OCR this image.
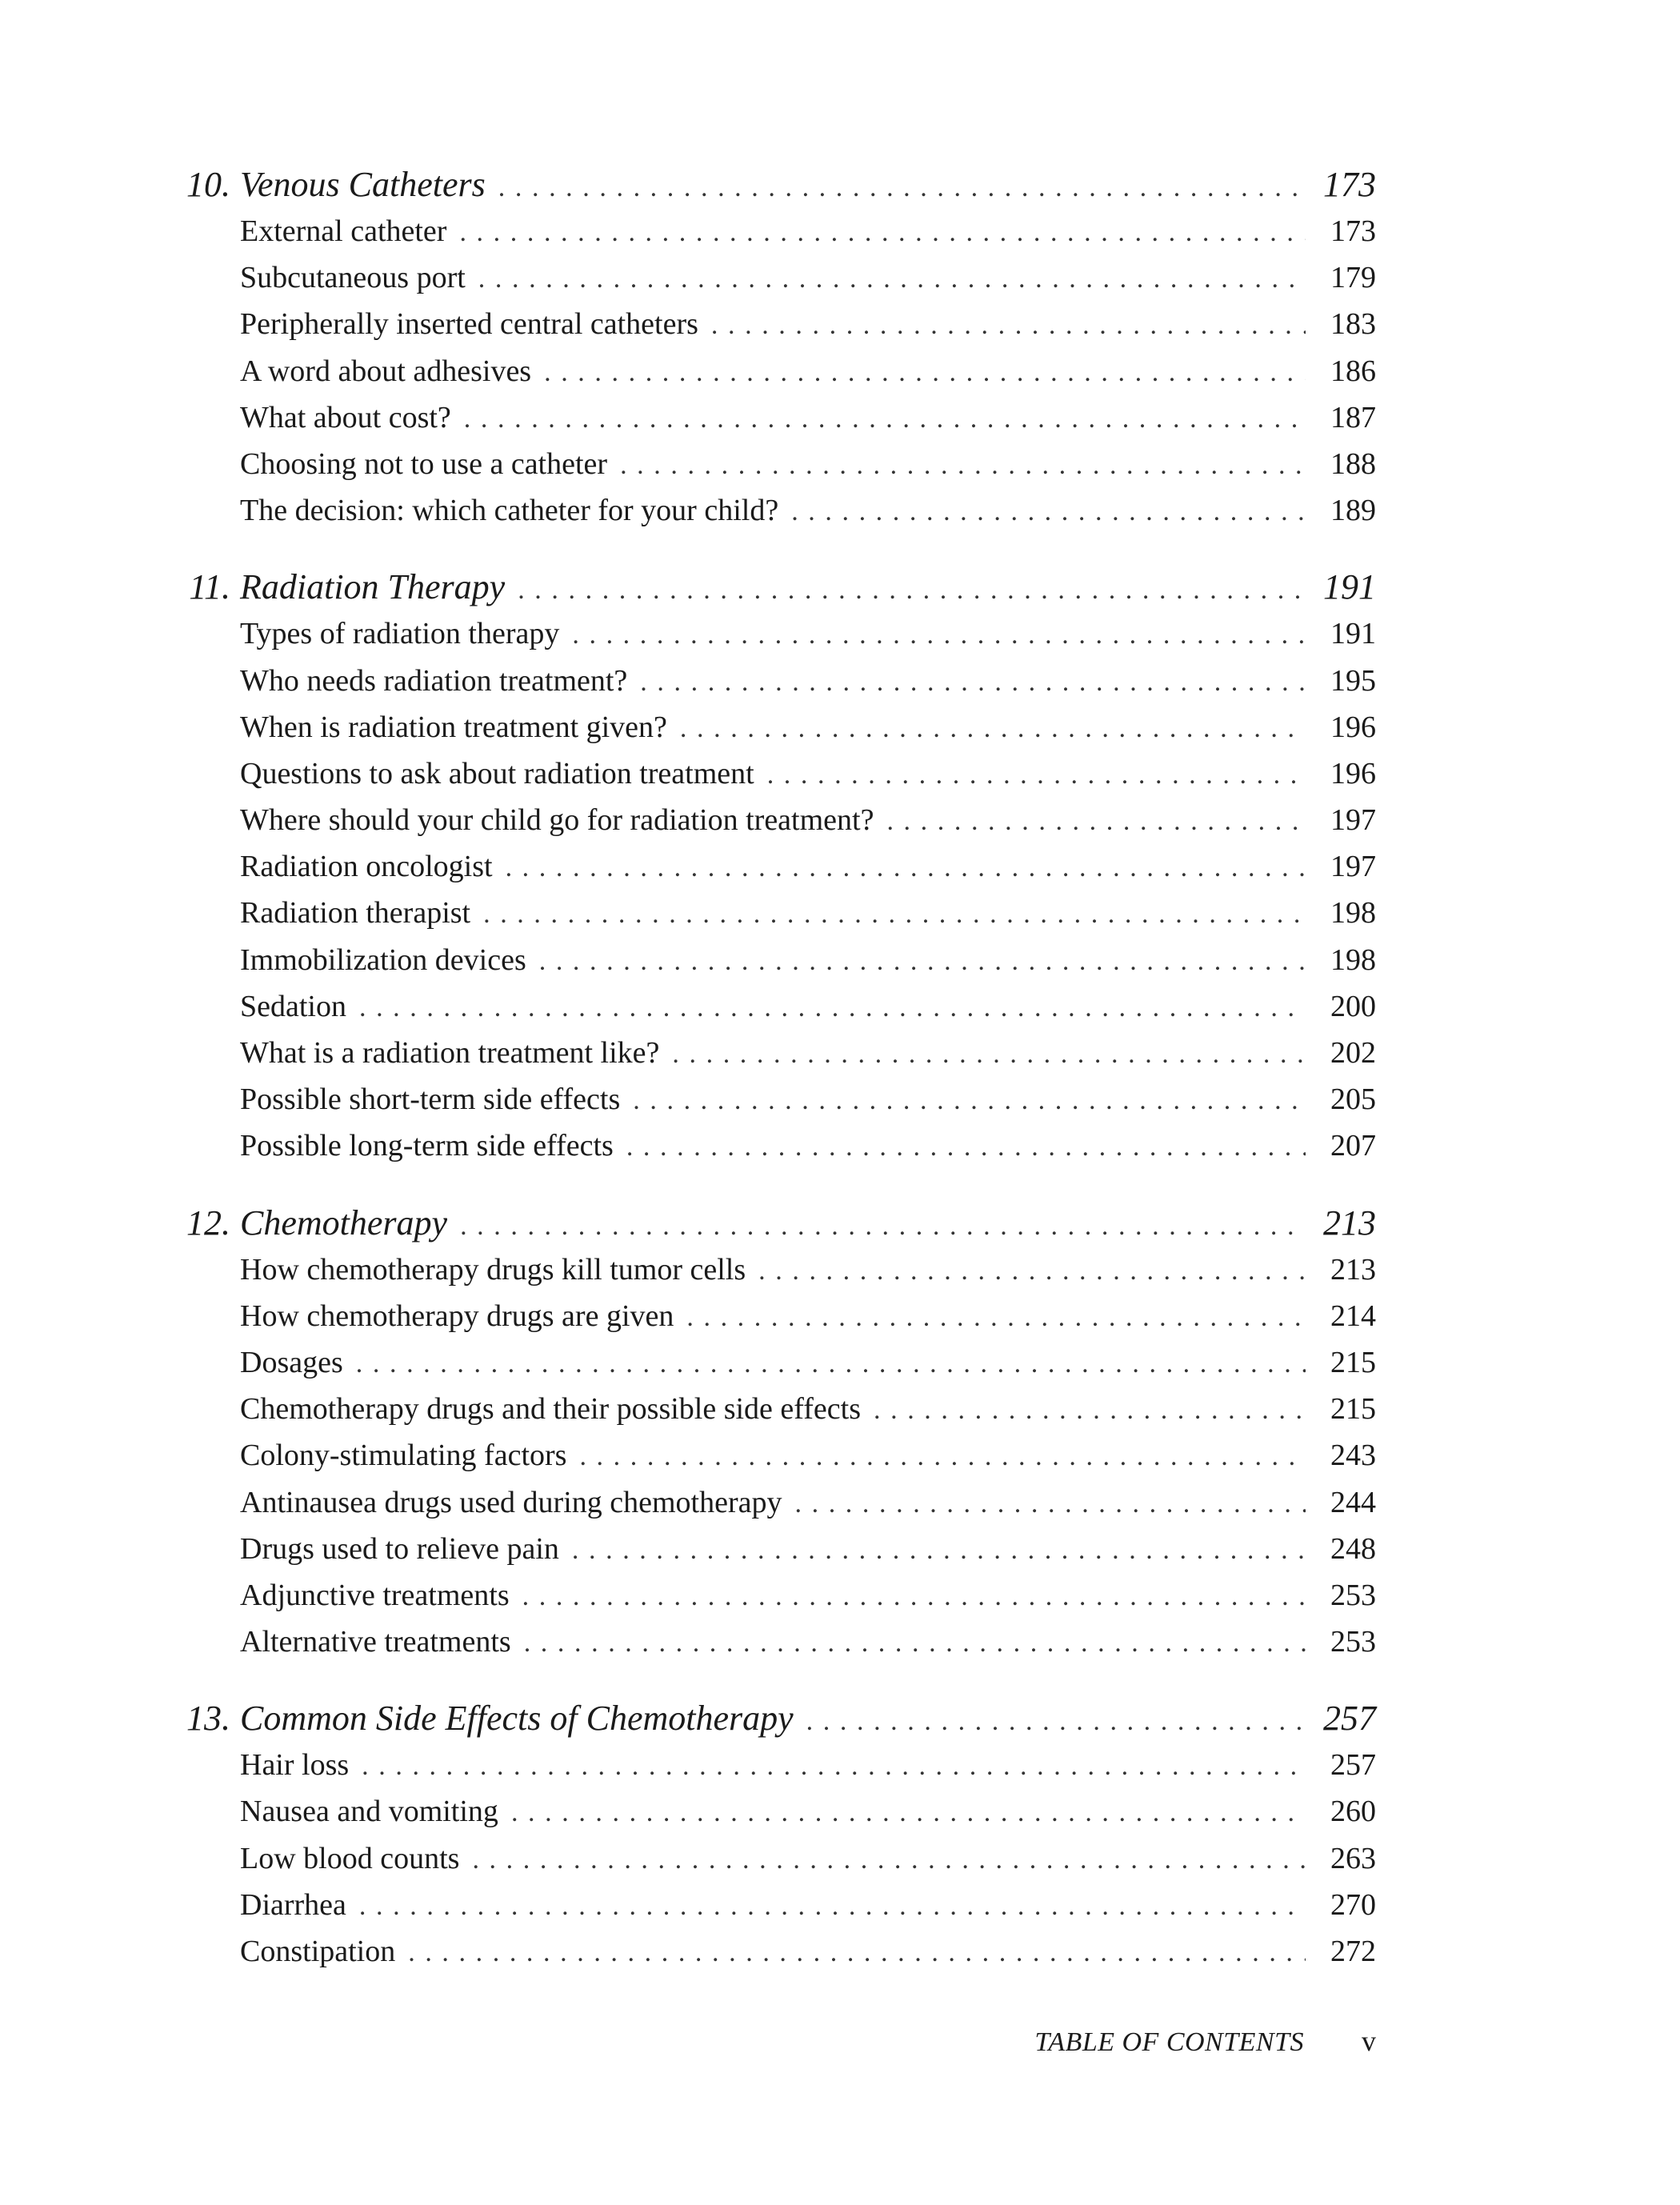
10. Venous Catheters .....	173
External catheter .....	173
Subcutaneous port .....	179
Peripherally inserted central catheters .....	183
A word about adhesives .....	186
What about cost? .....	187
Choosing not to use a catheter .....	188
The decision: which catheter for your child? .....	189
11. Radiation Therapy .....	191
Types of radiation therapy .....	191
Who needs radiation treatment? .....	195
When is radiation treatment given? .....	196
Questions to ask about radiation treatment .....	196
Where should your child go for radiation treatment? .....	197
Radiation oncologist .....	197
Radiation therapist .....	198
Immobilization devices .....	198
Sedation .....	200
What is a radiation treatment like? .....	202
Possible short-term side effects .....	205
Possible long-term side effects .....	207
12. Chemotherapy .....	213
How chemotherapy drugs kill tumor cells .....	213
How chemotherapy drugs are given .....	214
Dosages .....	215
Chemotherapy drugs and their possible side effects .....	215
Colony-stimulating factors .....	243
Antinausea drugs used during chemotherapy .....	244
Drugs used to relieve pain .....	248
Adjunctive treatments .....	253
Alternative treatments .....	253
13. Common Side Effects of Chemotherapy .....	257
Hair loss .....	257
Nausea and vomiting .....	260
Low blood counts .....	263
Diarrhea .....	270
Constipation .....	272
TABLE OF CONTENTS v
